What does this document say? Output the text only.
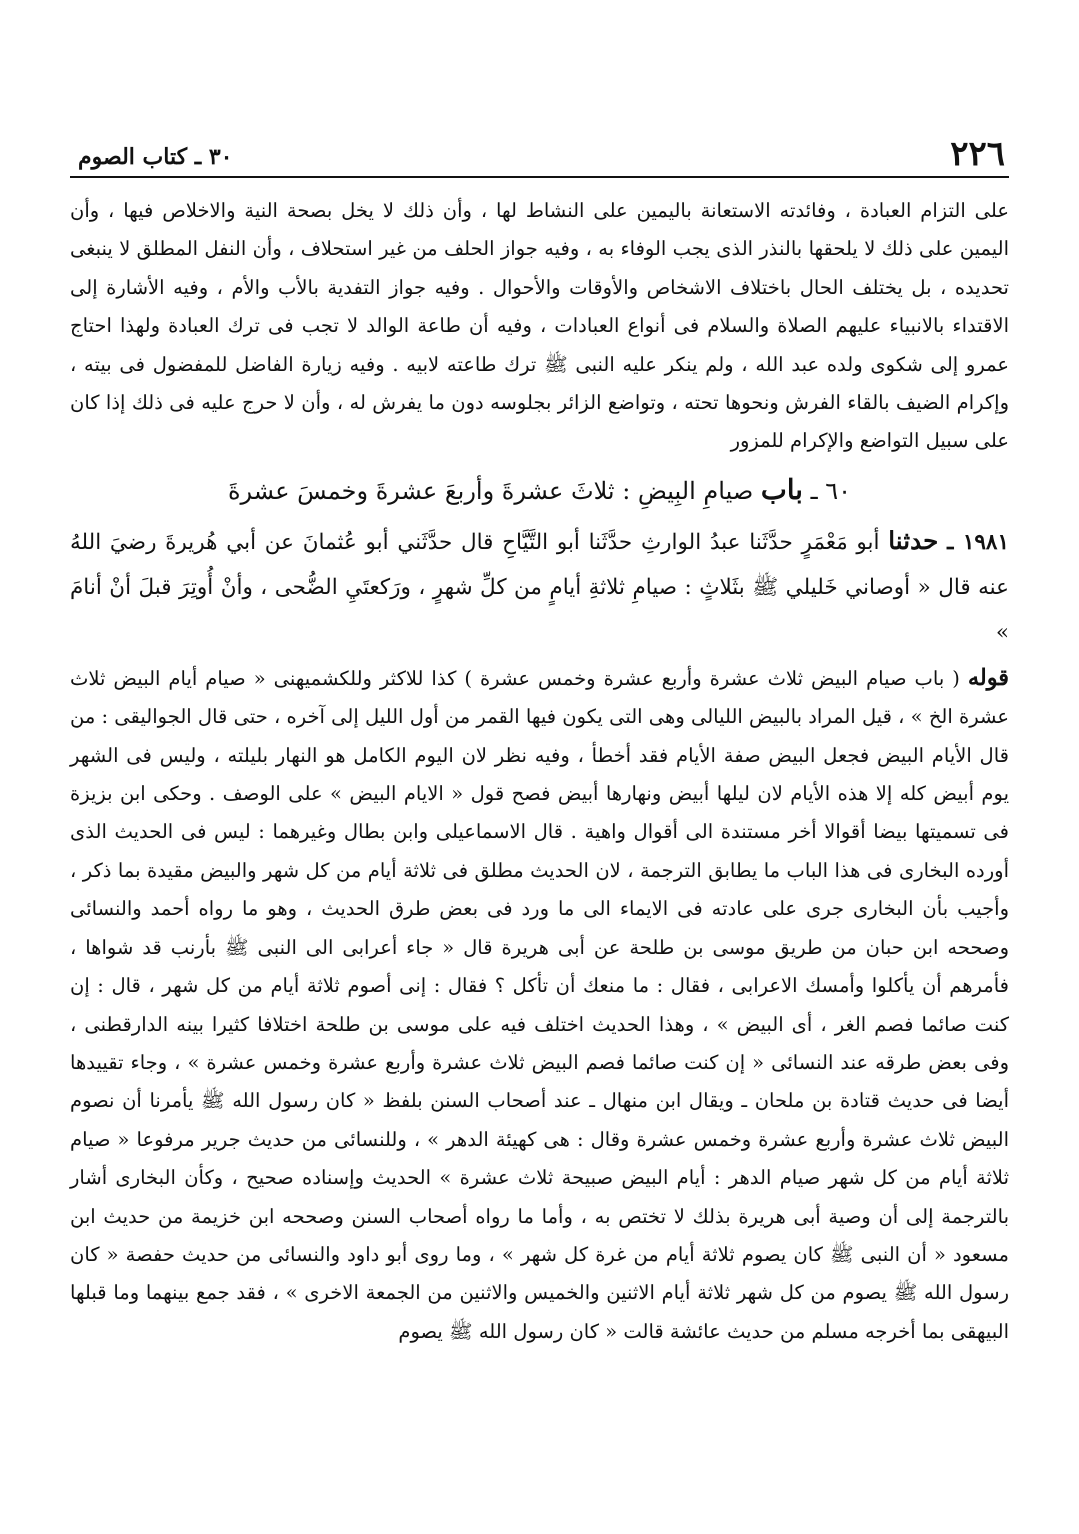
٢٢٦
٣٠ ـ كتاب الصوم

على التزام العبادة ، وفائدته الاستعانة باليمين على النشاط لها ، وأن ذلك لا يخل بصحة النية والاخلاص فيها ، وأن اليمين على ذلك لا يلحقها بالنذر الذى يجب الوفاء به ، وفيه جواز الحلف من غير استحلاف ، وأن النفل المطلق لا ينبغى تحديده ، بل يختلف الحال باختلاف الاشخاص والأوقات والأحوال . وفيه جواز التفدية بالأب والأم ، وفيه الأشارة إلى الاقتداء بالانبياء عليهم الصلاة والسلام فى أنواع العبادات ، وفيه أن طاعة الوالد لا تجب فى ترك العبادة ولهذا احتاج عمرو إلى شكوى ولده عبد الله ، ولم ينكر عليه النبى ﷺ ترك طاعته لابيه . وفيه زيارة الفاضل للمفضول فى بيته ، وإكرام الضيف بالقاء الفرش ونحوها تحته ، وتواضع الزائر بجلوسه دون ما يفرش له ، وأن لا حرج عليه فى ذلك إذا كان على سبيل التواضع والإكرام للمزور

٦٠ ـ باب صيامِ البِيضِ : ثلاثَ عشرةَ وأربعَ عشرةَ وخمسَ عشرةَ

١٩٨١ ـ حدثنا أبو مَعْمَرٍ حدَّثَنا عبدُ الوارثِ حدَّثَنا أبو التَّيَّاحِ قال حدَّثَني أبو عُثمانَ عن أبي هُريرةَ رضيَ اللهُ عنه قال « أوصاني خَليلي ﷺ بثَلاثٍ : صيامِ ثلاثةِ أيامٍ من كلِّ شهرٍ ، ورَكعتَيِ الضُّحى ، وأنْ أُوتِرَ قبلَ أنْ أنامَ »

قوله ( باب صيام البيض ثلاث عشرة وأربع عشرة وخمس عشرة ) كذا للاكثر وللكشميهنى « صيام أيام البيض ثلاث عشرة الخ » ، قيل المراد بالبيض الليالى وهى التى يكون فيها القمر من أول الليل إلى آخره ، حتى قال الجواليقى : من قال الأيام البيض فجعل البيض صفة الأيام فقد أخطأ ، وفيه نظر لان اليوم الكامل هو النهار بليلته ، وليس فى الشهر يوم أبيض كله إلا هذه الأيام لان ليلها أبيض ونهارها أبيض فصح قول « الايام البيض » على الوصف . وحكى ابن بزيزة فى تسميتها بيضا أقوالا أخر مستندة الى أقوال واهية . قال الاسماعيلى وابن بطال وغيرهما : ليس فى الحديث الذى أورده البخارى فى هذا الباب ما يطابق الترجمة ، لان الحديث مطلق فى ثلاثة أيام من كل شهر والبيض مقيدة بما ذكر ، وأجيب بأن البخارى جرى على عادته فى الايماء الى ما ورد فى بعض طرق الحديث ، وهو ما رواه أحمد والنسائى وصححه ابن حبان من طريق موسى بن طلحة عن أبى هريرة قال « جاء أعرابى الى النبى ﷺ بأرنب قد شواها ، فأمرهم أن يأكلوا وأمسك الاعرابى ، فقال : ما منعك أن تأكل ؟ فقال : إنى أصوم ثلاثة أيام من كل شهر ، قال : إن كنت صائما فصم الغر ، أى البيض » ، وهذا الحديث اختلف فيه على موسى بن طلحة اختلافا كثيرا بينه الدارقطنى ، وفى بعض طرقه عند النسائى « إن كنت صائما فصم البيض ثلاث عشرة وأربع عشرة وخمس عشرة » ، وجاء تقييدها أيضا فى حديث قتادة بن ملحان ـ ويقال ابن منهال ـ عند أصحاب السنن بلفظ « كان رسول الله ﷺ يأمرنا أن نصوم البيض ثلاث عشرة وأربع عشرة وخمس عشرة وقال : هى كهيئة الدهر » ، وللنسائى من حديث جرير مرفوعا « صيام ثلاثة أيام من كل شهر صيام الدهر : أيام البيض صبيحة ثلاث عشرة » الحديث وإسناده صحيح ، وكأن البخارى أشار بالترجمة إلى أن وصية أبى هريرة بذلك لا تختص به ، وأما ما رواه أصحاب السنن وصححه ابن خزيمة من حديث ابن مسعود « أن النبى ﷺ كان يصوم ثلاثة أيام من غرة كل شهر » ، وما روى أبو داود والنسائى من حديث حفصة « كان رسول الله ﷺ يصوم من كل شهر ثلاثة أيام الاثنين والخميس والاثنين من الجمعة الاخرى » ، فقد جمع بينهما وما قبلها البيهقى بما أخرجه مسلم من حديث عائشة قالت « كان رسول الله ﷺ يصوم
